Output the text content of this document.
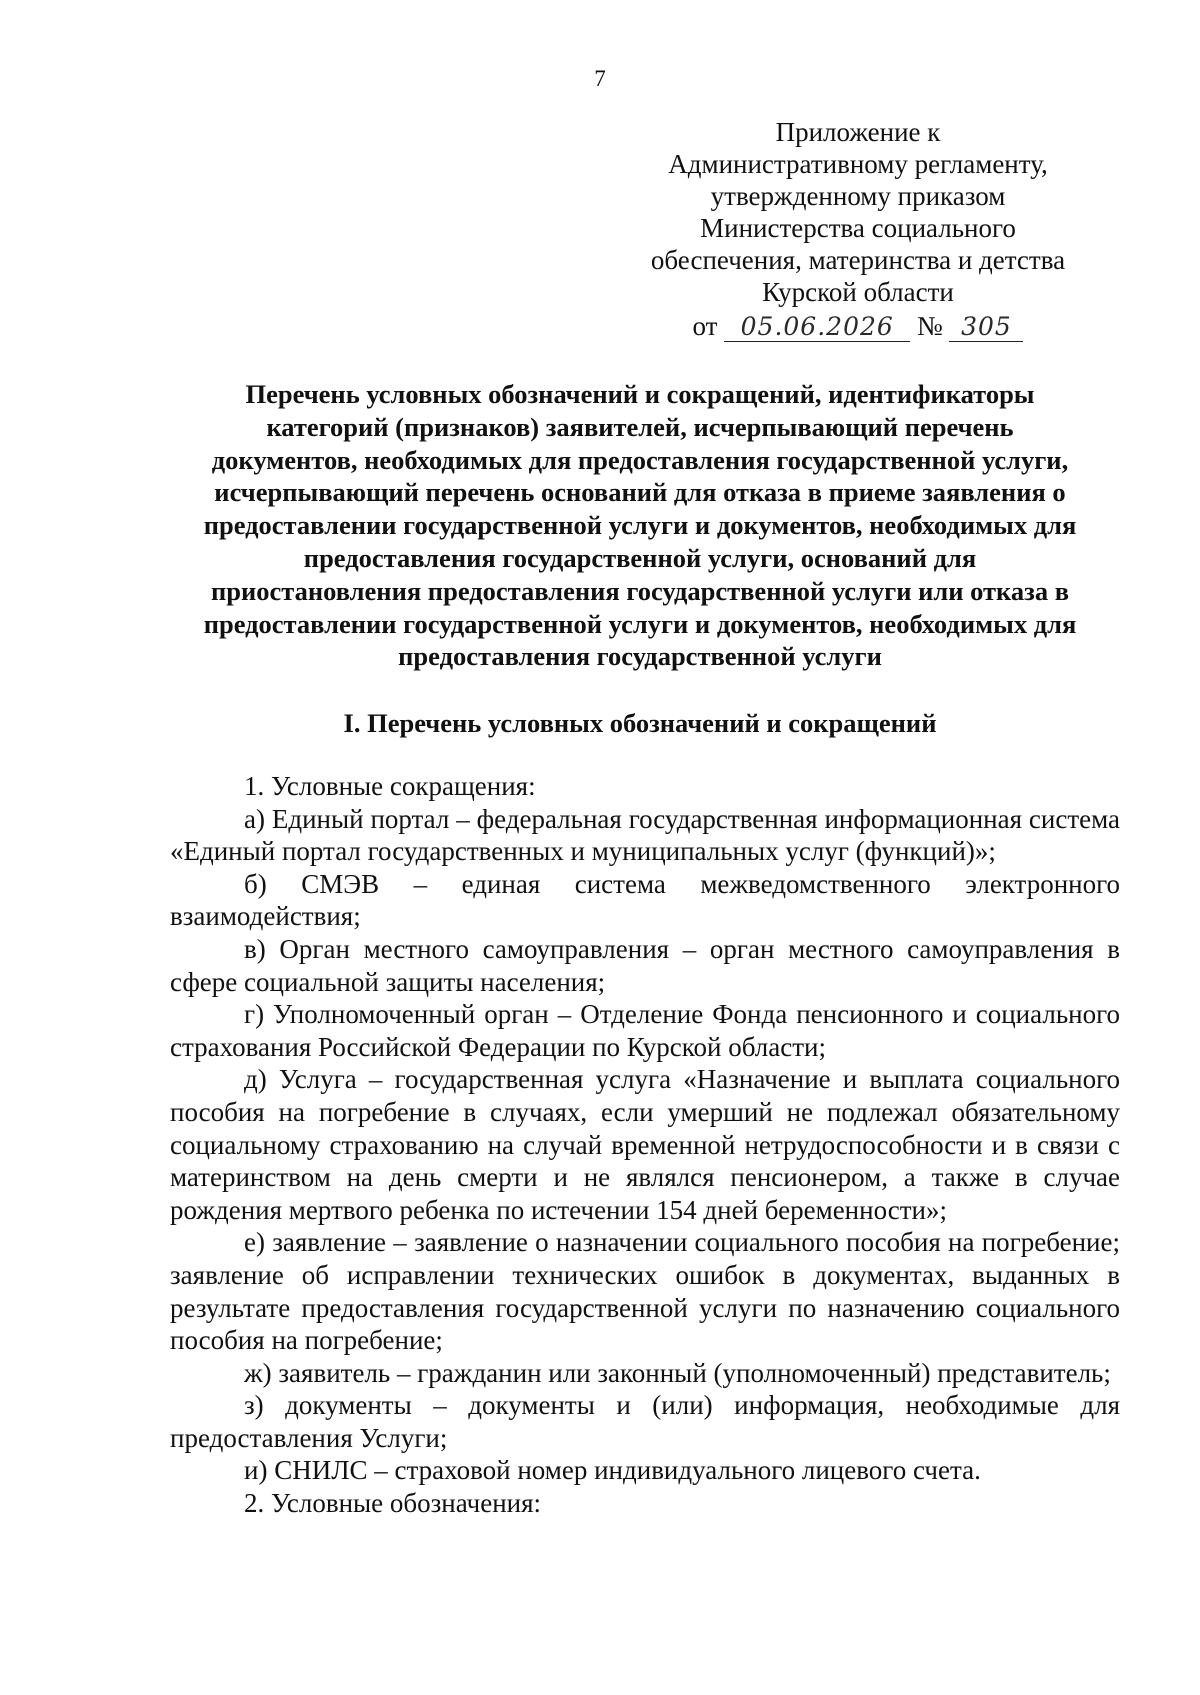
7
Приложение к
Административному регламенту,
утвержденному приказом
Министерства социального
обеспечения, материнства и детства
Курской области
от 05.06.2026 № 305
Перечень условных обозначений и сокращений, идентификаторы
категорий (признаков) заявителей, исчерпывающий перечень
документов, необходимых для предоставления государственной услуги,
исчерпывающий перечень оснований для отказа в приеме заявления о
предоставлении государственной услуги и документов, необходимых для
предоставления государственной услуги, оснований для
приостановления предоставления государственной услуги или отказа в
предоставлении государственной услуги и документов, необходимых для
предоставления государственной услуги
I. Перечень условных обозначений и сокращений

1. Условные сокращения:

а) Единый портал – федеральная государственная информационная система «Единый портал государственных и муниципальных услуг (функций)»;

б) СМЭВ – единая система межведомственного электронного взаимодействия;

в) Орган местного самоуправления – орган местного самоуправления в сфере социальной защиты населения;

г) Уполномоченный орган – Отделение Фонда пенсионного и социального страхования Российской Федерации по Курской области;

д) Услуга – государственная услуга «Назначение и выплата социального пособия на погребение в случаях, если умерший не подлежал обязательному социальному страхованию на случай временной нетрудоспособности и в связи с материнством на день смерти и не являлся пенсионером, а также в случае рождения мертвого ребенка по истечении 154 дней беременности»;

е) заявление – заявление о назначении социального пособия на погребение; заявление об исправлении технических ошибок в документах, выданных в результате предоставления государственной услуги по назначению социального пособия на погребение;

ж) заявитель – гражданин или законный (уполномоченный) представитель;

з) документы – документы и (или) информация, необходимые для предоставления Услуги;

и) СНИЛС – страховой номер индивидуального лицевого счета.

2. Условные обозначения:
